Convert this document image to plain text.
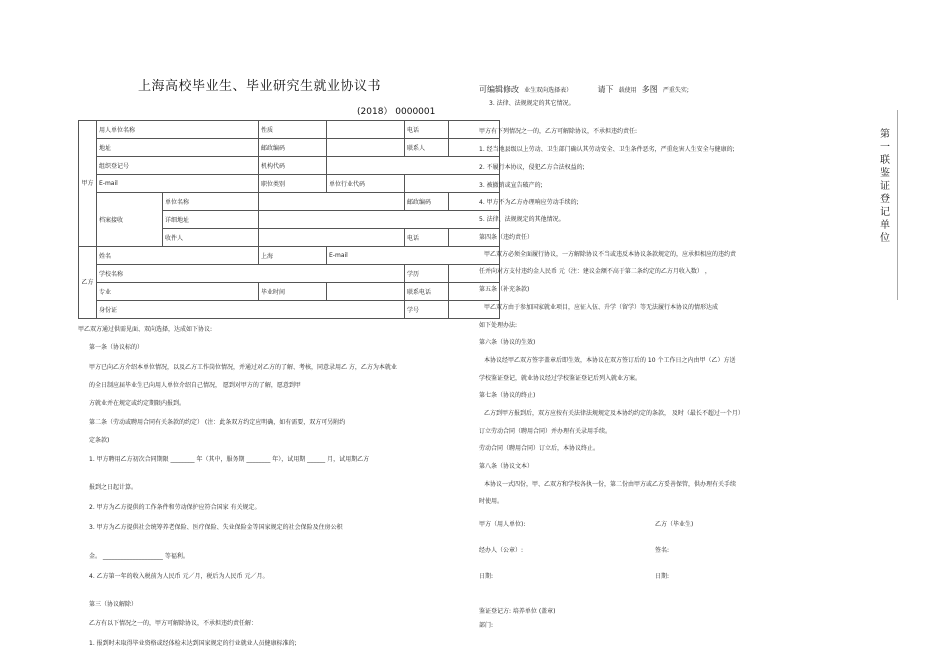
上海高校毕业生、毕业研究生就业协议书
(2018） 0000001
甲方	用人单位名称		性质		电话	
	地址		邮政编码		联系人	
	组织登记号		机构代码			
	E-mail		职位类别	单位行业代码		
	档案接收	单位名称			邮政编码	
		详细地址				
		收件人			电话	
乙方	姓名		上海	E-mail		
	学校名称				学历	
	专业		毕业时间		联系电话	
	身份证				学号	
甲乙双方通过供需见面、双向选择，达成如下协议:
第一条（协议标的）
甲方已向乙方介绍本单位情况，以及乙方工作岗位情况，并通过对乙方的了解、考核，同意录用乙 方，乙方为本就业
的全日制应届毕业生已向用人单位介绍自己情况， 愿到对甲方的了解，愿意到甲
方就业并在规定或约定期限内报到。
第二条（劳动或聘用合同有关条款的约定） (注：此条双方约定应明确，如有需要，双方可另附约
定条款)
1. 甲方聘用乙方初次合同期限 ________ 年（其中，服务期 ________ 年），试用期 ______ 月，试用期乙方
报到之日起计算。
2. 甲方为乙方提供的工作条件和劳动保护应符合国家 有关规定。
3. 甲方为乙方提供社会统筹养老保险、医疗保险、失业保险金等国家规定的社会保险及住房公积
金。 ____________________ 等福利。
4. 乙方第一年的收入税前为人民币 元／月，税后为人民币 元／月。
第三（协议解除）
乙方有以下情况之一的，甲方可解除协议，不承担违约责任解：
1. 报到时未取得毕业资格或经体检未达到国家规定的行业就业人员健康标准的;
可编辑修改 业生双向选择表）	请下 载使用 多图 严重失实;
3. 法律、法规规定的其它情况。
甲方有下列情况之一的，乙方可解除协议，不承担违约责任:
1. 经当地县级以上劳动、卫生部门确认其劳动安全、卫生条件恶劣，严重危害人生安全与健康的;
2. 不履行本协议，侵犯乙方合法权益的;
3. 被撤销或宣告破产的;
4. 甲方不为乙方办理响应劳动手续的;
5. 法律、法规规定的其他情况。
第四条（违约责任）
甲乙双方必须全面履行协议，一方解除协议不当或违反本协议条款规定的，应承担相应的违约责
任并向对方支付违约金人民币 元（注：建议金额不高于第二条约定的乙方月收入数） ，
第五条（补充条款)
甲乙双方由于参加国家就业项目，应征入伍、升学（留学）等无法履行本协议的情形达成
如下处理办法:
第六条（协议的生效)
本协议经甲乙双方签字盖章后即生效，本协议在双方签订后的 10 个工作日之内由甲（乙）方送
学校鉴证登记，就业协议经过学校鉴证登记后列入就业方案。
第七条（协议的终止)
乙方到甲方报到后，双方应按有关法律法规规定及本协约约定的条款， 及时（最长不超过一个月）
订立劳动合同（聘用合同）并办理有关录用手续。
劳动合同（聘用合同）订立后，本协议终止。
第八条（协议文本）
本协议一式四份，甲、乙双方和学校各执一份，第二份由甲方或乙方妥善保管，供办理有关手续
时使用。
甲方（用人单位):	乙方（毕业生)
经办人（公章）:	签名:
日期:	日期:
鉴证登记方: 培养单位 (盖章)
部门:
第一联鉴证登记单位
